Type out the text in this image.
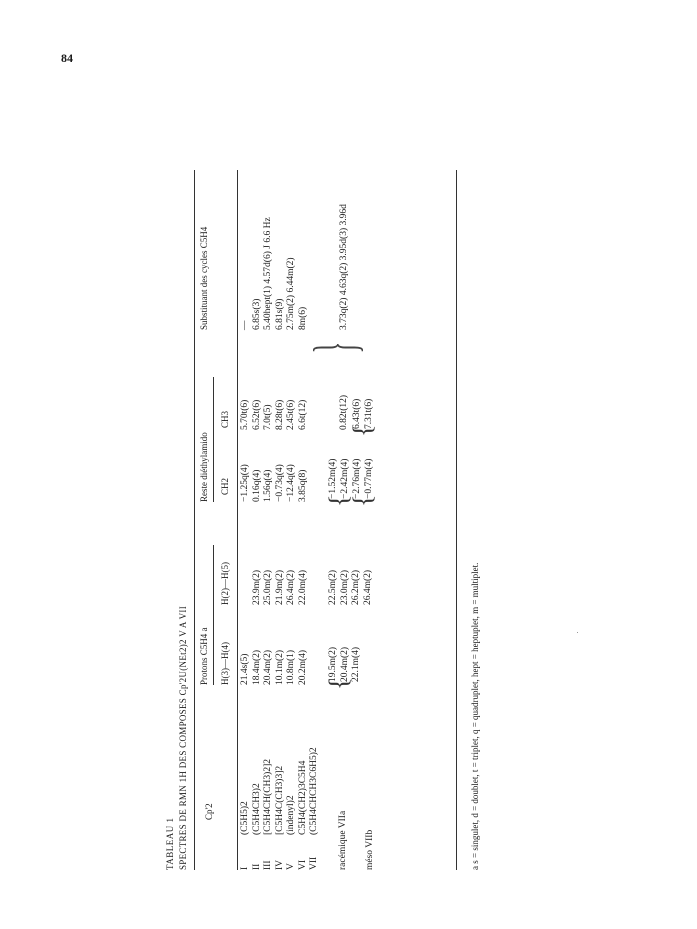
84
TABLEAU 1 SPECTRES DE RMN 1H DES COMPOSES Cp'2U(NEt2)2 V A VII Cp'2
Protons C5H4 a H(3)—H(4)
H(2)—H(5)
Reste diéthylamido CH2
CH3
Substituant des cycles C5H4
I II III IV V VI VII
(C5H5)2 (C5H4CH3)2 [C5H4CH(CH3)2]2 [C5H4C(CH3)3]2 (indenyl)2 C5H4(CH2)3C5H4 (C5H4CHCH3C6H5)2
21.4s(5) 18.4m(2) 20.4m(2) 10.1m(2) 10.8m(1) 20.2m(4)
23.9m(2) 25.0m(2) 21.9m(2) 26.4m(2) 22.0m(4)
−1.25q(4) 0.16q(4) 1.56q(4) −0.73q(4) −12.4q(4) 3.85q(8)
5.70t(6) 6.52t(6) 7.0t(5) 8.28t(6) 2.45t(6) 6.6t(12)
— 6.85s(3) 5.40hept(1) 4.57d(6) J 6.6 Hz 6.81s(9) 2.75m(2) 6.44m(2) 8m(6)
racémique VIIa
{
19.5m(2) 20.4m(2) 22.1m(4)
22.5m(2) 23.0m(2) 26.2m(2) 26.4m(2)
{
−1.52m(4) −2.42m(4)
0.82t(12)
méso VIIb
{
−2.76m(4) −0.77m(4)
{
6.43t(6) 7.31t(6)
}
3.73q(2) 4.63q(2) 3.95d(3) 3.96d
a s = singulet, d = doublet, t = triplet, q = quadruplet, hept = heptuplet, m = multiplet.
